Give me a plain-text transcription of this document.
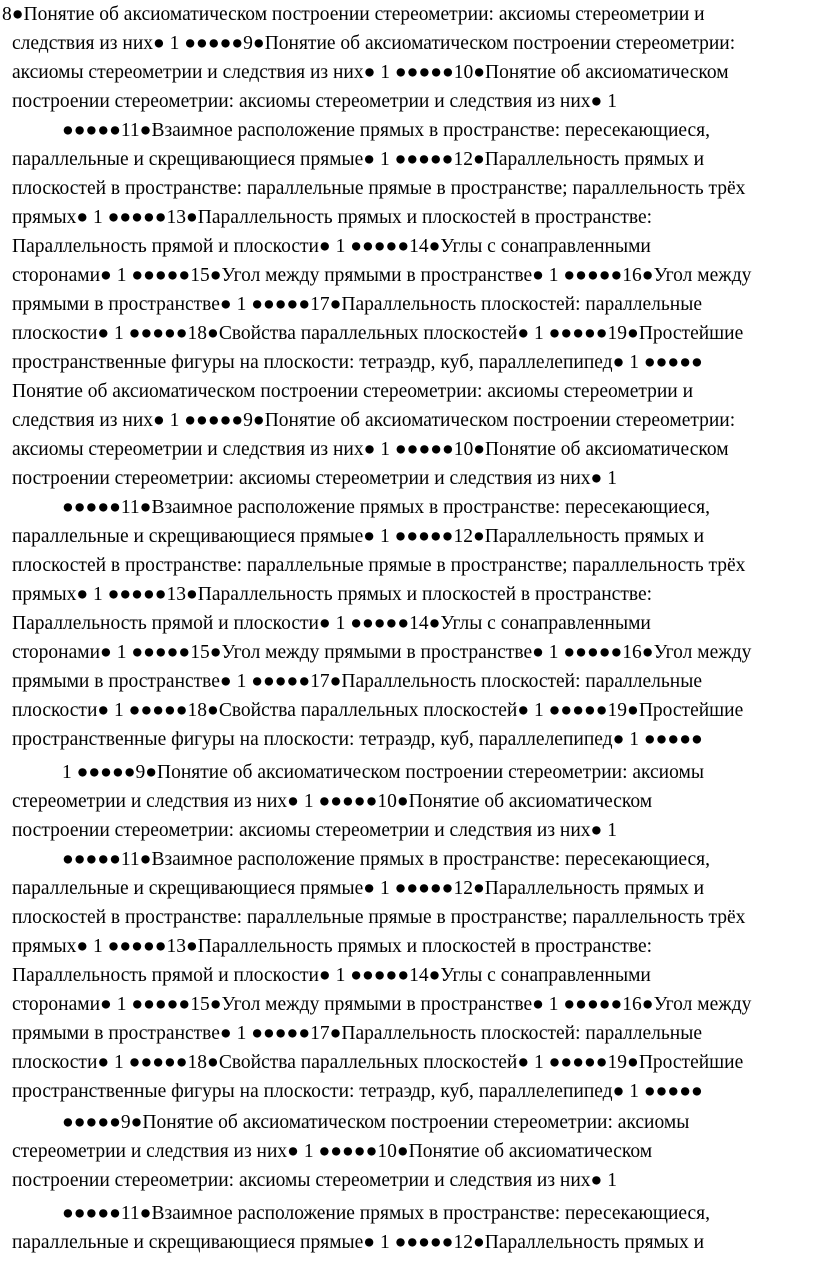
8●Понятие об аксиоматическом построении стереометрии: аксиомы стереометрии и
следствия из них● 1 ●●●●●9●Понятие об аксиоматическом построении стереометрии:
аксиомы стереометрии и следствия из них● 1 ●●●●●10●Понятие об аксиоматическом
построении стереометрии: аксиомы стереометрии и следствия из них● 1
●●●●●11●Взаимное расположение прямых в пространстве: пересекающиеся,
параллельные и скрещивающиеся прямые● 1 ●●●●●12●Параллельность прямых и
плоскостей в пространстве: параллельные прямые в пространстве; параллельность трёх
прямых● 1 ●●●●●13●Параллельность прямых и плоскостей в пространстве:
Параллельность прямой и плоскости● 1 ●●●●●14●Углы с сонаправленными
сторонами● 1 ●●●●●15●Угол между прямыми в пространстве● 1 ●●●●●16●Угол между
прямыми в пространстве● 1 ●●●●●17●Параллельность плоскостей: параллельные
плоскости● 1 ●●●●●18●Свойства параллельных плоскостей● 1 ●●●●●19●Простейшие
пространственные фигуры на плоскости: тетраэдр, куб, параллелепипед● 1 ●●●●●
Понятие об аксиоматическом построении стереометрии: аксиомы стереометрии и
следствия из них● 1 ●●●●●9●Понятие об аксиоматическом построении стереометрии:
аксиомы стереометрии и следствия из них● 1 ●●●●●10●Понятие об аксиоматическом
построении стереометрии: аксиомы стереометрии и следствия из них● 1
●●●●●11●Взаимное расположение прямых в пространстве: пересекающиеся,
параллельные и скрещивающиеся прямые● 1 ●●●●●12●Параллельность прямых и
плоскостей в пространстве: параллельные прямые в пространстве; параллельность трёх
прямых● 1 ●●●●●13●Параллельность прямых и плоскостей в пространстве:
Параллельность прямой и плоскости● 1 ●●●●●14●Углы с сонаправленными
сторонами● 1 ●●●●●15●Угол между прямыми в пространстве● 1 ●●●●●16●Угол между
прямыми в пространстве● 1 ●●●●●17●Параллельность плоскостей: параллельные
плоскости● 1 ●●●●●18●Свойства параллельных плоскостей● 1 ●●●●●19●Простейшие
пространственные фигуры на плоскости: тетраэдр, куб, параллелепипед● 1 ●●●●●
1 ●●●●●9●Понятие об аксиоматическом построении стереометрии: аксиомы
стереометрии и следствия из них● 1 ●●●●●10●Понятие об аксиоматическом
построении стереометрии: аксиомы стереометрии и следствия из них● 1
●●●●●11●Взаимное расположение прямых в пространстве: пересекающиеся,
параллельные и скрещивающиеся прямые● 1 ●●●●●12●Параллельность прямых и
плоскостей в пространстве: параллельные прямые в пространстве; параллельность трёх
прямых● 1 ●●●●●13●Параллельность прямых и плоскостей в пространстве:
Параллельность прямой и плоскости● 1 ●●●●●14●Углы с сонаправленными
сторонами● 1 ●●●●●15●Угол между прямыми в пространстве● 1 ●●●●●16●Угол между
прямыми в пространстве● 1 ●●●●●17●Параллельность плоскостей: параллельные
плоскости● 1 ●●●●●18●Свойства параллельных плоскостей● 1 ●●●●●19●Простейшие
пространственные фигуры на плоскости: тетраэдр, куб, параллелепипед● 1 ●●●●●
●●●●●9●Понятие об аксиоматическом построении стереометрии: аксиомы
стереометрии и следствия из них● 1 ●●●●●10●Понятие об аксиоматическом
построении стереометрии: аксиомы стереометрии и следствия из них● 1
●●●●●11●Взаимное расположение прямых в пространстве: пересекающиеся,
параллельные и скрещивающиеся прямые● 1 ●●●●●12●Параллельность прямых и
